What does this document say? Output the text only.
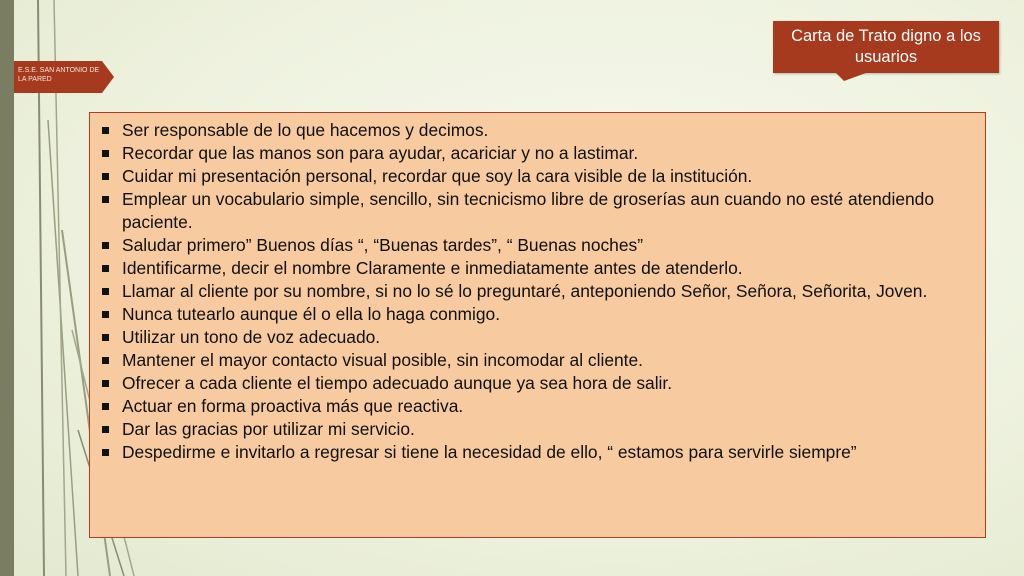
E.S.E. SAN ANTONIO DE LA PARED
Carta de Trato digno a los usuarios
Ser responsable de lo que hacemos y decimos.
Recordar que las manos son para ayudar, acariciar y no a lastimar.
Cuidar mi presentación personal, recordar que soy la cara visible de la institución.
Emplear un vocabulario simple, sencillo, sin tecnicismo libre de groserías aun cuando no esté atendiendo paciente.
Saludar primero” Buenos días “, “Buenas tardes”, “ Buenas noches”
Identificarme, decir el nombre Claramente e inmediatamente antes de atenderlo.
Llamar al cliente por su nombre, si no lo sé lo preguntaré, anteponiendo Señor, Señora, Señorita, Joven.
Nunca tutearlo aunque él o ella lo haga conmigo.
Utilizar un tono de voz adecuado.
Mantener el mayor contacto visual posible, sin incomodar al cliente.
Ofrecer a cada cliente el tiempo adecuado aunque ya sea hora de salir.
Actuar en forma proactiva más que reactiva.
Dar las gracias por utilizar mi servicio.
Despedirme e invitarlo a regresar si tiene la necesidad de ello, “ estamos para servirle siempre”
